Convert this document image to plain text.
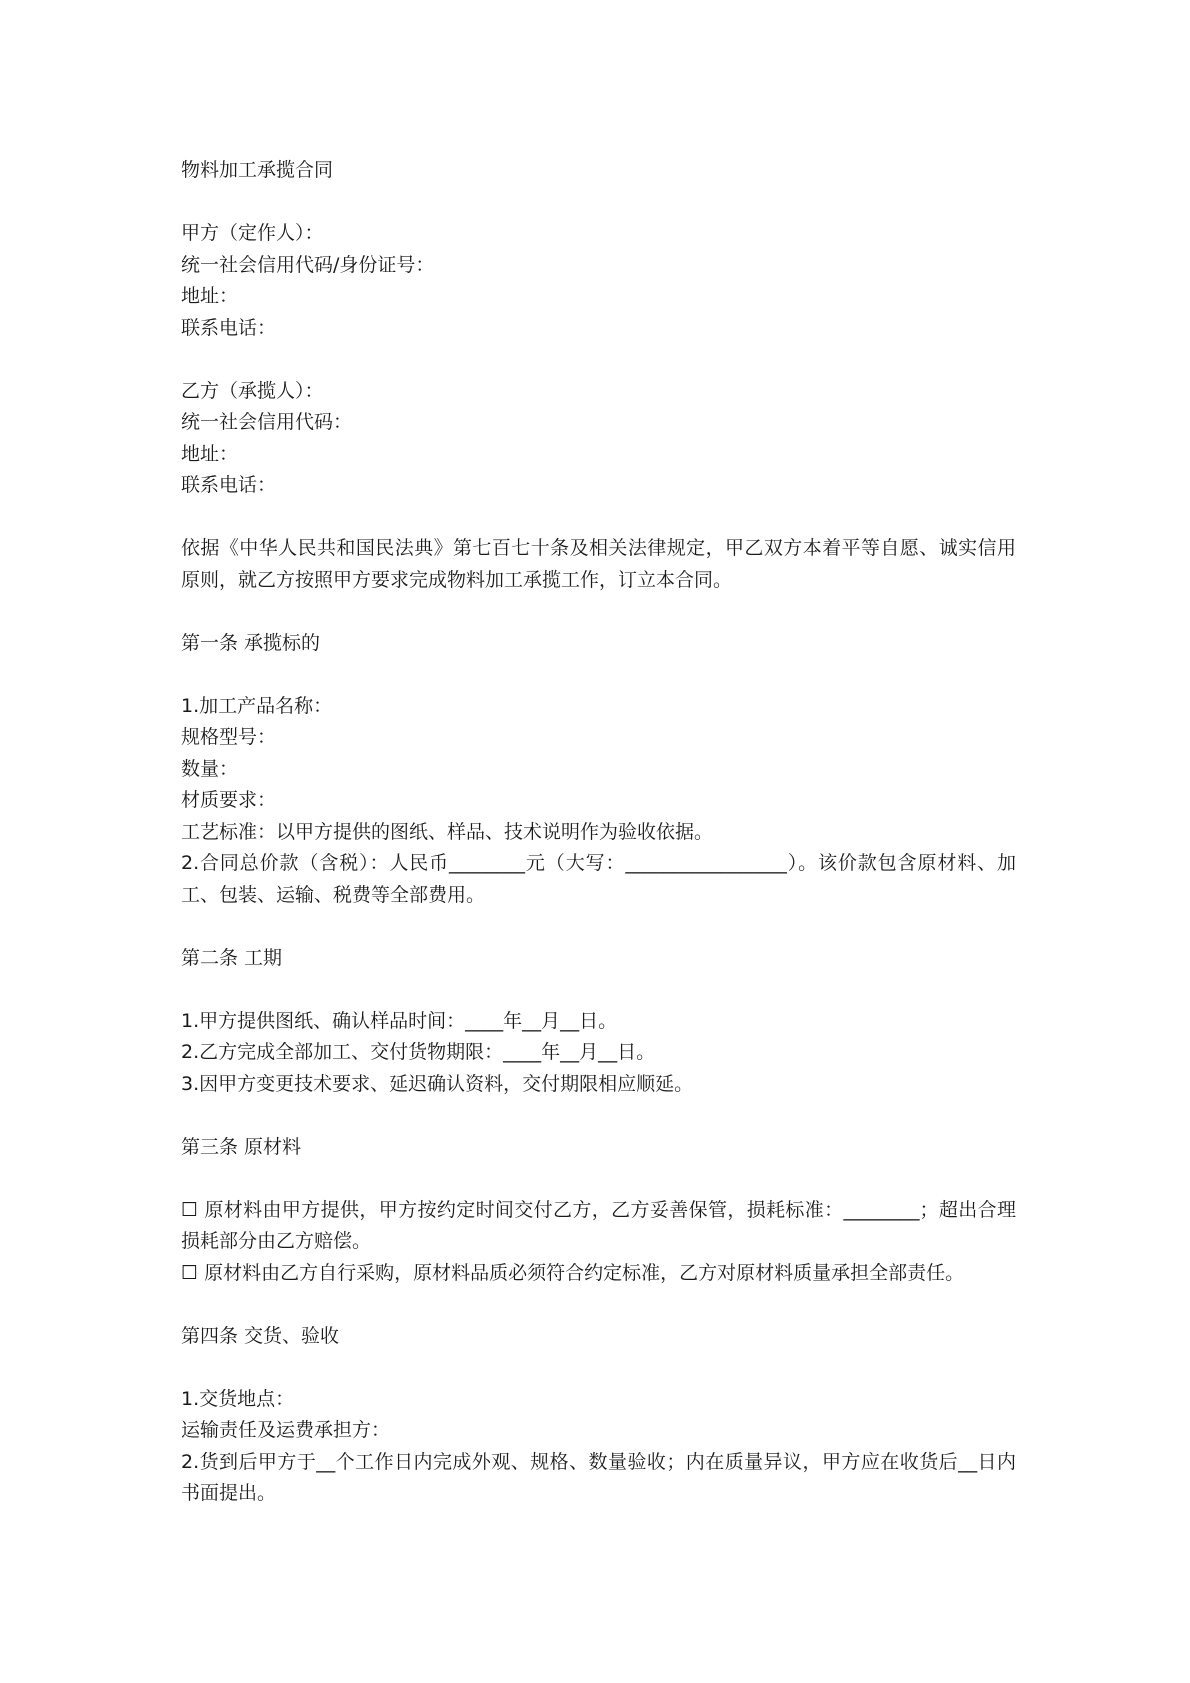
物料加工承揽合同

甲方（定作人）：

统一社会信用代码/身份证号：

地址：

联系电话：

乙方（承揽人）：

统一社会信用代码：

地址：

联系电话：

依据《中华人民共和国民法典》第七百七十条及相关法律规定，甲乙双方本着平等自愿、诚实信用原则，就乙方按照甲方要求完成物料加工承揽工作，订立本合同。

第一条 承揽标的

1.加工产品名称：

规格型号：

数量：

材质要求：

工艺标准：以甲方提供的图纸、样品、技术说明作为验收依据。

2.合同总价款（含税）：人民币________元（大写：_________________）。该价款包含原材料、加工、包装、运输、税费等全部费用。

第二条 工期

1.甲方提供图纸、确认样品时间：____年__月__日。

2.乙方完成全部加工、交付货物期限：____年__月__日。

3.因甲方变更技术要求、延迟确认资料，交付期限相应顺延。

第三条 原材料

☐ 原材料由甲方提供，甲方按约定时间交付乙方，乙方妥善保管，损耗标准：________；超出合理损耗部分由乙方赔偿。

☐ 原材料由乙方自行采购，原材料品质必须符合约定标准，乙方对原材料质量承担全部责任。

第四条 交货、验收

1.交货地点：

运输责任及运费承担方：

2.货到后甲方于__个工作日内完成外观、规格、数量验收；内在质量异议，甲方应在收货后__日内书面提出。
